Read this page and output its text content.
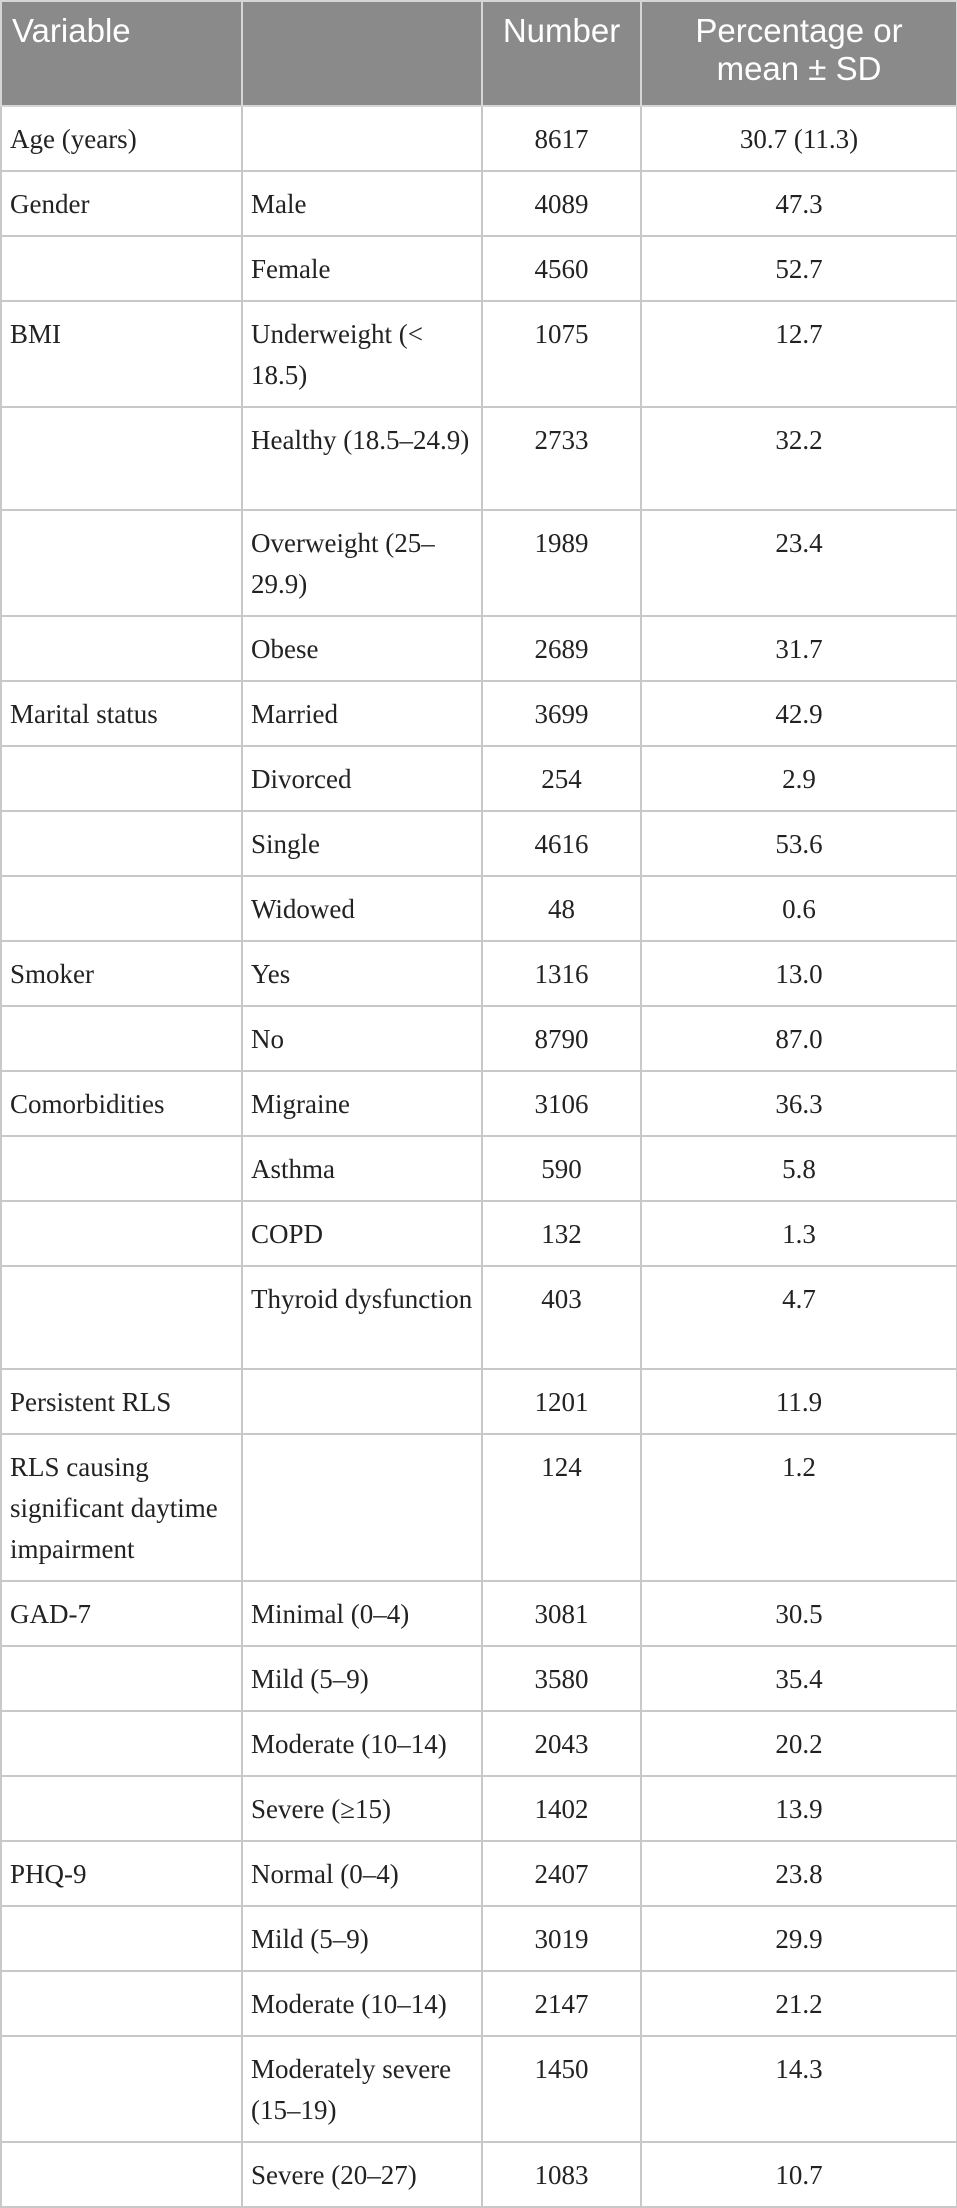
Variable		Number	Percentage or mean ± SD
Age (years)		8617	30.7 (11.3)
Gender	Male	4089	47.3
	Female	4560	52.7
BMI	Underweight (< 18.5)	1075	12.7
	Healthy (18.5–24.9)	2733	32.2
	Overweight (25–29.9)	1989	23.4
	Obese	2689	31.7
Marital status	Married	3699	42.9
	Divorced	254	2.9
	Single	4616	53.6
	Widowed	48	0.6
Smoker	Yes	1316	13.0
	No	8790	87.0
Comorbidities	Migraine	3106	36.3
	Asthma	590	5.8
	COPD	132	1.3
	Thyroid dysfunction	403	4.7
Persistent RLS		1201	11.9
RLS causing significant daytime impairment		124	1.2
GAD-7	Minimal (0–4)	3081	30.5
	Mild (5–9)	3580	35.4
	Moderate (10–14)	2043	20.2
	Severe (≥15)	1402	13.9
PHQ-9	Normal (0–4)	2407	23.8
	Mild (5–9)	3019	29.9
	Moderate (10–14)	2147	21.2
	Moderately severe (15–19)	1450	14.3
	Severe (20–27)	1083	10.7
